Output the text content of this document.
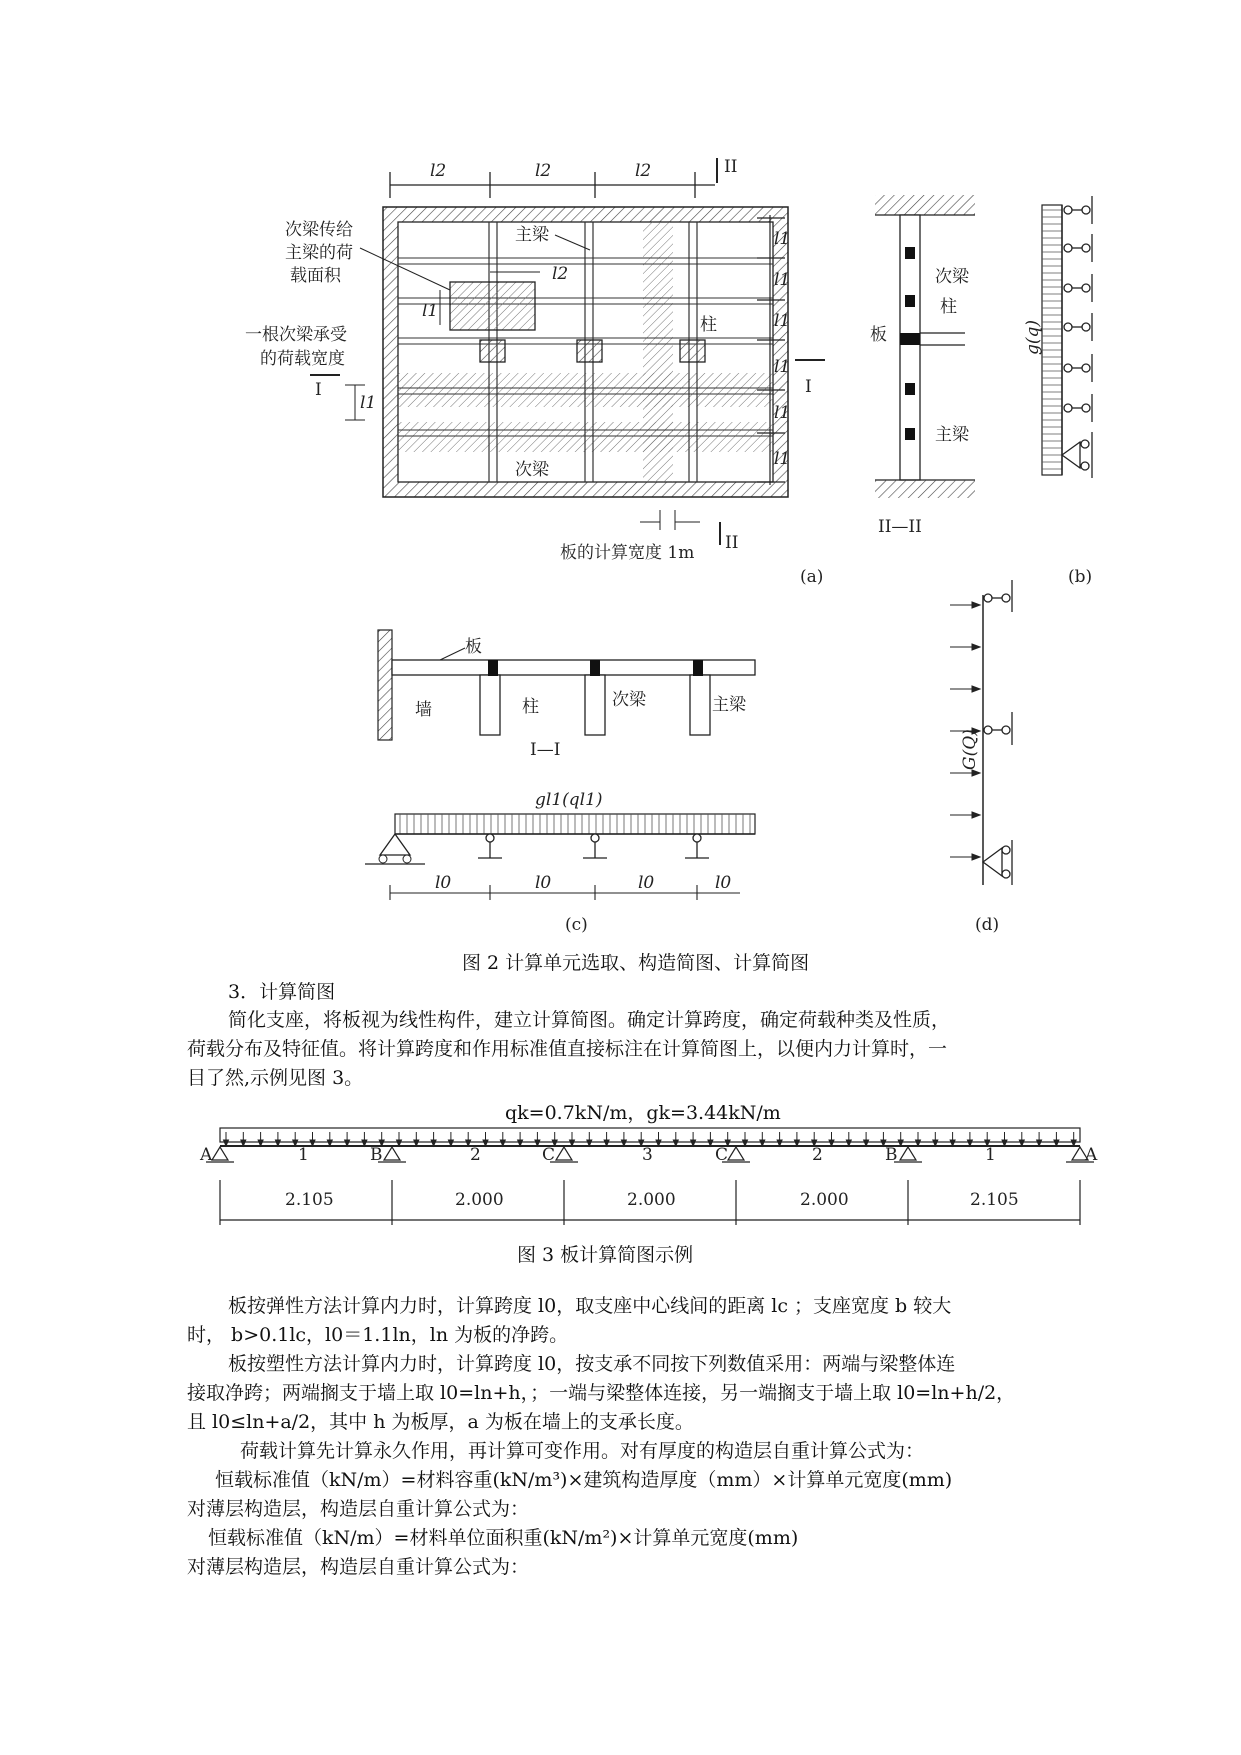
l2	l2	l2	II
l2
l1
l1
l1
l1
l1
l1
l1
I
次梁传给
主梁的荷
载面积
主梁
柱
一根次梁承受
的荷载宽度
I
l1
次梁
板的计算宽度 1m II
(a)
次梁
柱
板
主梁
II—II
g(q)
(b)
板
墙	柱	次梁	主梁
I—I
gl1(ql1)
l0	l0	l0	l0
(c)
G(Q)
(d)
图 2 计算单元选取、构造简图、计算简图
3．计算简图
简化支座，将板视为线性构件，建立计算简图。确定计算跨度，确定荷载种类及性质，
荷载分布及特征值。将计算跨度和作用标准值直接标注在计算简图上，以便内力计算时，一
目了然,示例见图 3。
qk=0.7kN/m，gk=3.44kN/m
A	B	C	C	B	A
1	2	3	2	1
2.105	2.000	2.000	2.000	2.105
图 3 板计算简图示例
板按弹性方法计算内力时，计算跨度 l0，取支座中心线间的距离 lc ；支座宽度 b 较大
时， b>0.1lc，l0＝1.1ln，ln 为板的净跨。
板按塑性方法计算内力时，计算跨度 l0，按支承不同按下列数值采用：两端与梁整体连
接取净跨；两端搁支于墙上取 l0=ln+h，；一端与梁整体连接，另一端搁支于墙上取 l0=ln+h/2，
且 l0≤ln+a/2，其中 h 为板厚，a 为板在墙上的支承长度。
荷载计算先计算永久作用，再计算可变作用。对有厚度的构造层自重计算公式为：
恒载标准值（kN/m）=材料容重(kN/m³)×建筑构造厚度（mm）×计算单元宽度(mm)
对薄层构造层，构造层自重计算公式为：
恒载标准值（kN/m）=材料单位面积重(kN/m²)×计算单元宽度(mm)
对薄层构造层，构造层自重计算公式为：
